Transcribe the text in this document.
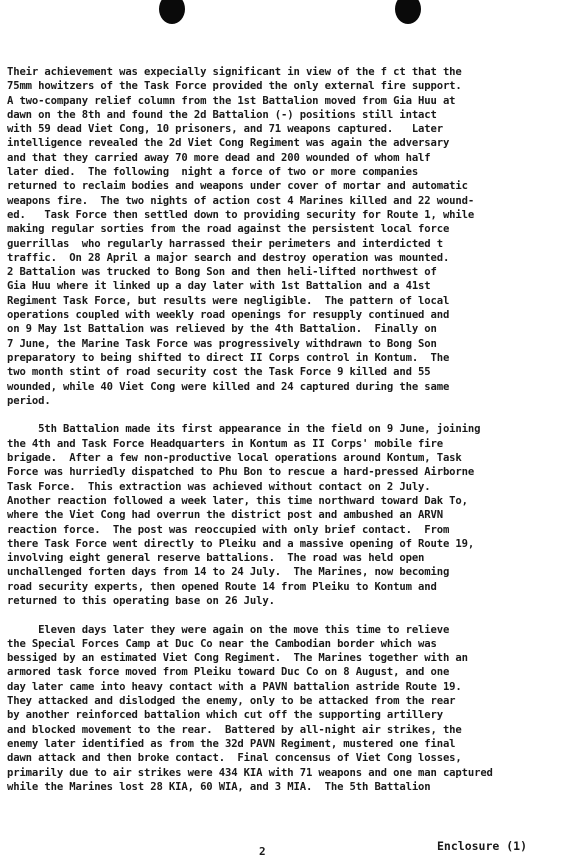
Their achievement was expecially significant in view of the f ct that the
75mm howitzers of the Task Force provided the only external fire support.
A two-company relief column from the 1st Battalion moved from Gia Huu at
dawn on the 8th and found the 2d Battalion (-) positions still intact
with 59 dead Viet Cong, 10 prisoners, and 71 weapons captured.   Later
intelligence revealed the 2d Viet Cong Regiment was again the adversary
and that they carried away 70 more dead and 200 wounded of whom half
later died.  The following  night a force of two or more companies
returned to reclaim bodies and weapons under cover of mortar and automatic
weapons fire.  The two nights of action cost 4 Marines killed and 22 wound-
ed.   Task Force then settled down to providing security for Route 1, while
making regular sorties from the road against the persistent local force
guerrillas  who regularly harrassed their perimeters and interdicted t
traffic.  On 28 April a major search and destroy operation was mounted.
2 Battalion was trucked to Bong Son and then heli-lifted northwest of
Gia Huu where it linked up a day later with 1st Battalion and a 41st
Regiment Task Force, but results were negligible.  The pattern of local
operations coupled with weekly road openings for resupply continued and
on 9 May 1st Battalion was relieved by the 4th Battalion.  Finally on
7 June, the Marine Task Force was progressively withdrawn to Bong Son
preparatory to being shifted to direct II Corps control in Kontum.  The
two month stint of road security cost the Task Force 9 killed and 55
wounded, while 40 Viet Cong were killed and 24 captured during the same
period.
5th Battalion made its first appearance in the field on 9 June, joining
the 4th and Task Force Headquarters in Kontum as II Corps' mobile fire
brigade.  After a few non-productive local operations around Kontum, Task
Force was hurriedly dispatched to Phu Bon to rescue a hard-pressed Airborne
Task Force.  This extraction was achieved without contact on 2 July.
Another reaction followed a week later, this time northward toward Dak To,
where the Viet Cong had overrun the district post and ambushed an ARVN
reaction force.  The post was reoccupied with only brief contact.  From
there Task Force went directly to Pleiku and a massive opening of Route 19,
involving eight general reserve battalions.  The road was held open
unchallenged forten days from 14 to 24 July.  The Marines, now becoming
road security experts, then opened Route 14 from Pleiku to Kontum and
returned to this operating base on 26 July.
Eleven days later they were again on the move this time to relieve
the Special Forces Camp at Duc Co near the Cambodian border which was
bessiged by an estimated Viet Cong Regiment.  The Marines together with an
armored task force moved from Pleiku toward Duc Co on 8 August, and one
day later came into heavy contact with a PAVN battalion astride Route 19.
They attacked and dislodged the enemy, only to be attacked from the rear
by another reinforced battalion which cut off the supporting artillery
and blocked movement to the rear.  Battered by all-night air strikes, the
enemy later identified as from the 32d PAVN Regiment, mustered one final
dawn attack and then broke contact.  Final concensus of Viet Cong losses,
primarily due to air strikes were 434 KIA with 71 weapons and one man captured
while the Marines lost 28 KIA, 60 WIA, and 3 MIA.  The 5th Battalion
2	Enclosure (1)
